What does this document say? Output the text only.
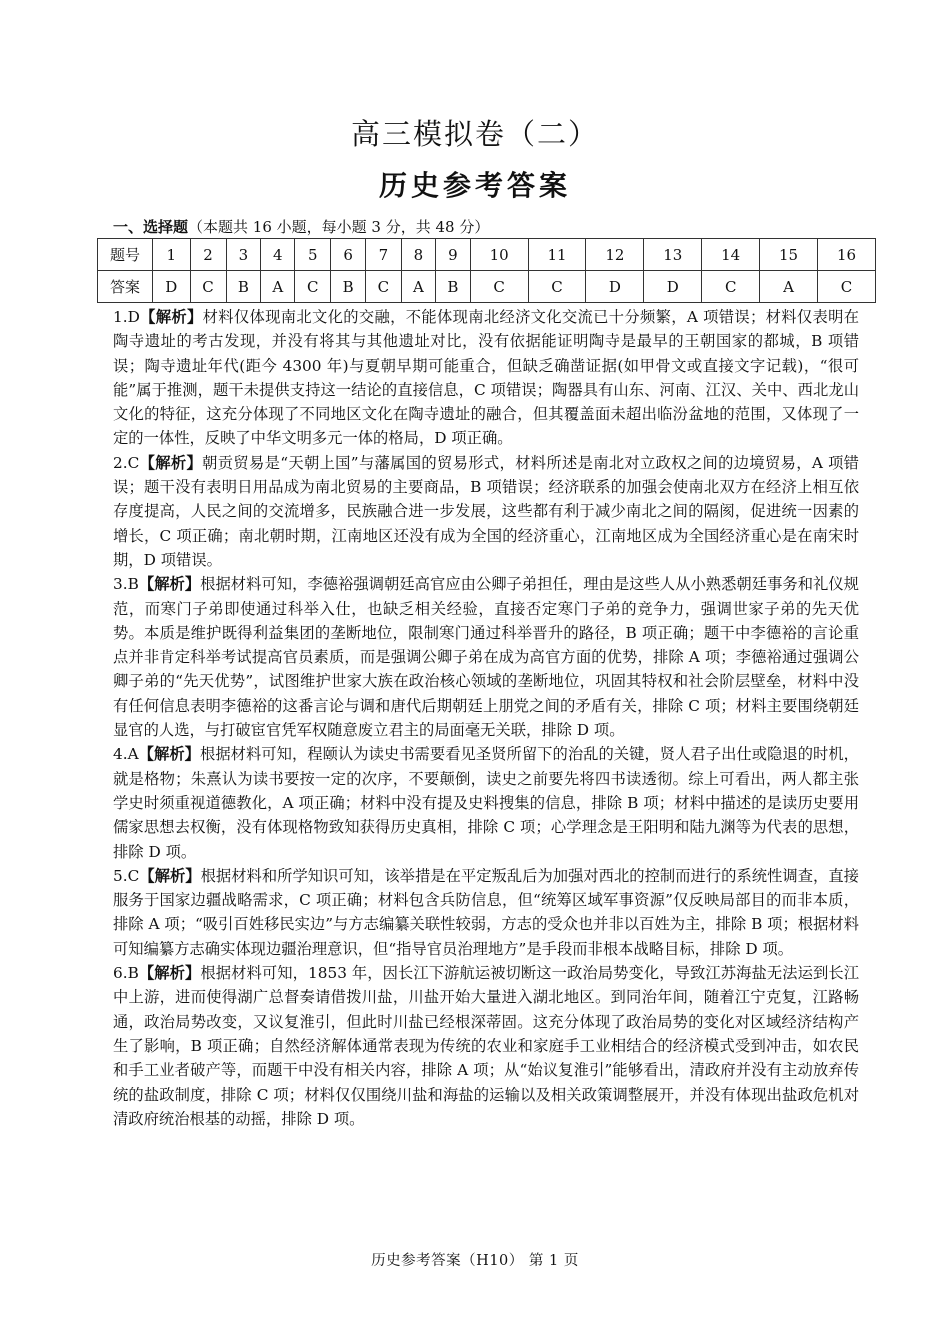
高三模拟卷（二）
历史参考答案
一、选择题（本题共 16 小题，每小题 3 分，共 48 分）
题号	1	2	3	4	5	6	7	8	9	10	11	12	13	14	15	16
答案	D	C	B	A	C	B	C	A	B	C	C	D	D	C	A	C

1.D【解析】材料仅体现南北文化的交融，不能体现南北经济文化交流已十分频繁，A 项错误；材料仅表明在陶寺遗址的考古发现，并没有将其与其他遗址对比，没有依据能证明陶寺是最早的王朝国家的都城，B 项错误；陶寺遗址年代(距今 4300 年)与夏朝早期可能重合，但缺乏确凿证据(如甲骨文或直接文字记载)，“很可能”属于推测，题干未提供支持这一结论的直接信息，C 项错误；陶器具有山东、河南、江汉、关中、西北龙山文化的特征，这充分体现了不同地区文化在陶寺遗址的融合，但其覆盖面未超出临汾盆地的范围，又体现了一定的一体性，反映了中华文明多元一体的格局，D 项正确。

2.C【解析】朝贡贸易是“天朝上国”与藩属国的贸易形式，材料所述是南北对立政权之间的边境贸易，A 项错误；题干没有表明日用品成为南北贸易的主要商品，B 项错误；经济联系的加强会使南北双方在经济上相互依存度提高，人民之间的交流增多，民族融合进一步发展，这些都有利于减少南北之间的隔阂，促进统一因素的增长，C 项正确；南北朝时期，江南地区还没有成为全国的经济重心，江南地区成为全国经济重心是在南宋时期，D 项错误。

3.B【解析】根据材料可知，李德裕强调朝廷高官应由公卿子弟担任，理由是这些人从小熟悉朝廷事务和礼仪规范，而寒门子弟即使通过科举入仕，也缺乏相关经验，直接否定寒门子弟的竞争力，强调世家子弟的先天优势。本质是维护既得利益集团的垄断地位，限制寒门通过科举晋升的路径，B 项正确；题干中李德裕的言论重点并非肯定科举考试提高官员素质，而是强调公卿子弟在成为高官方面的优势，排除 A 项；李德裕通过强调公卿子弟的“先天优势”，试图维护世家大族在政治核心领域的垄断地位，巩固其特权和社会阶层壁垒，材料中没有任何信息表明李德裕的这番言论与调和唐代后期朝廷上朋党之间的矛盾有关，排除 C 项；材料主要围绕朝廷显官的人选，与打破宦官凭军权随意废立君主的局面毫无关联，排除 D 项。

4.A【解析】根据材料可知，程颐认为读史书需要看见圣贤所留下的治乱的关键，贤人君子出仕或隐退的时机，就是格物；朱熹认为读书要按一定的次序，不要颠倒，读史之前要先将四书读透彻。综上可看出，两人都主张学史时须重视道德教化，A 项正确；材料中没有提及史料搜集的信息，排除 B 项；材料中描述的是读历史要用儒家思想去权衡，没有体现格物致知获得历史真相，排除 C 项；心学理念是王阳明和陆九渊等为代表的思想，排除 D 项。

5.C【解析】根据材料和所学知识可知，该举措是在平定叛乱后为加强对西北的控制而进行的系统性调查，直接服务于国家边疆战略需求，C 项正确；材料包含兵防信息，但“统筹区域军事资源”仅反映局部目的而非本质，排除 A 项；“吸引百姓移民实边”与方志编纂关联性较弱，方志的受众也并非以百姓为主，排除 B 项；根据材料可知编纂方志确实体现边疆治理意识，但“指导官员治理地方”是手段而非根本战略目标，排除 D 项。

6.B【解析】根据材料可知，1853 年，因长江下游航运被切断这一政治局势变化，导致江苏海盐无法运到长江中上游，进而使得湖广总督奏请借拨川盐，川盐开始大量进入湖北地区。到同治年间，随着江宁克复，江路畅通，政治局势改变，又议复淮引，但此时川盐已经根深蒂固。这充分体现了政治局势的变化对区域经济结构产生了影响，B 项正确；自然经济解体通常表现为传统的农业和家庭手工业相结合的经济模式受到冲击，如农民和手工业者破产等，而题干中没有相关内容，排除 A 项；从“始议复淮引”能够看出，清政府并没有主动放弃传统的盐政制度，排除 C 项；材料仅仅围绕川盐和海盐的运输以及相关政策调整展开，并没有体现出盐政危机对清政府统治根基的动摇，排除 D 项。

历史参考答案（H10） 第 1 页
